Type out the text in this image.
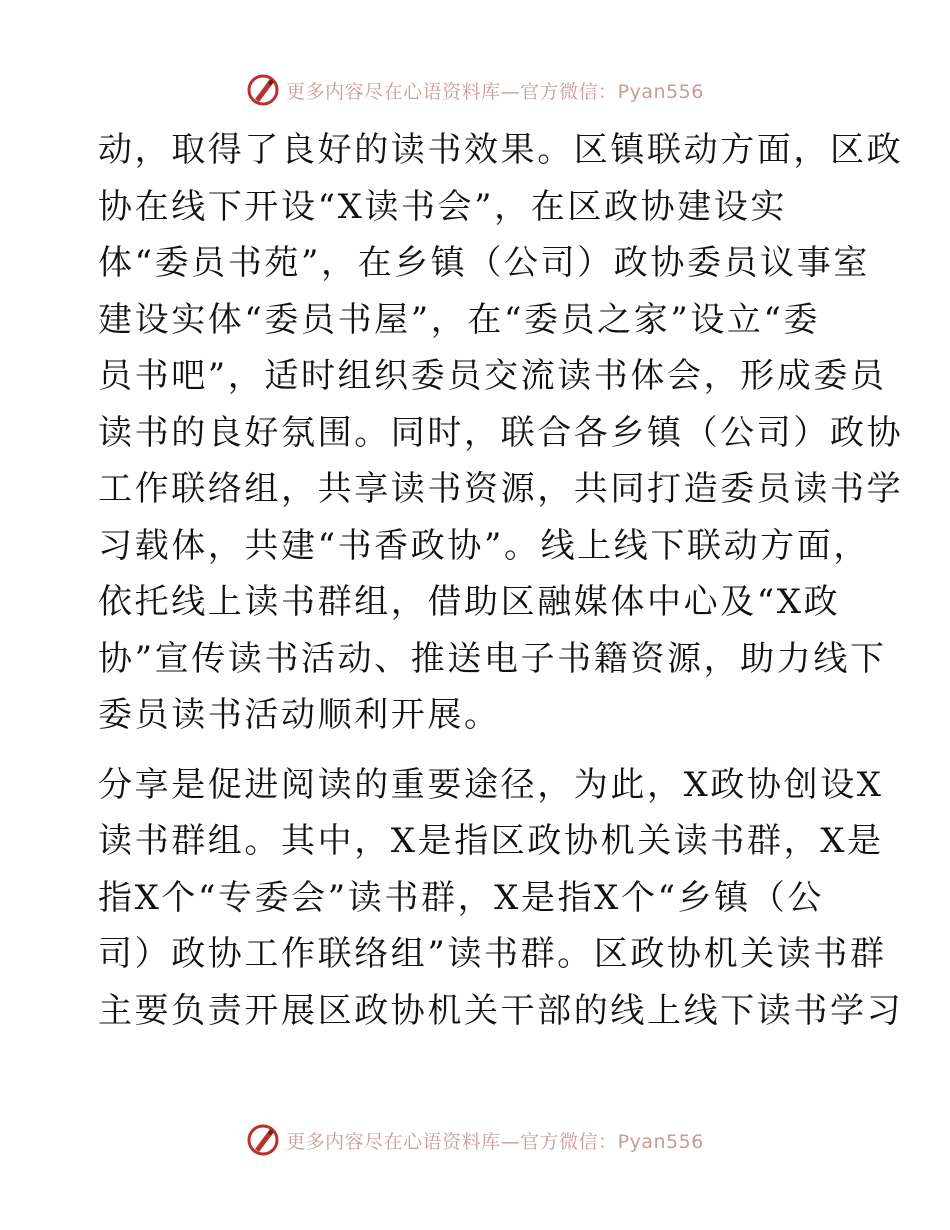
更多内容尽在心语资料库—官方微信：Pyan556

动，取得了良好的读书效果。区镇联动方面，区政
协在线下开设“X读书会”，在区政协建设实
体“委员书苑”，在乡镇（公司）政协委员议事室
建设实体“委员书屋”，在“委员之家”设立“委
员书吧”，适时组织委员交流读书体会，形成委员
读书的良好氛围。同时，联合各乡镇（公司）政协
工作联络组，共享读书资源，共同打造委员读书学
习载体，共建“书香政协”。线上线下联动方面，
依托线上读书群组，借助区融媒体中心及“X政
协”宣传读书活动、推送电子书籍资源，助力线下
委员读书活动顺利开展。

分享是促进阅读的重要途径，为此，X政协创设X
读书群组。其中，X是指区政协机关读书群，X是
指X个“专委会”读书群，X是指X个“乡镇（公
司）政协工作联络组”读书群。区政协机关读书群
主要负责开展区政协机关干部的线上线下读书学习

更多内容尽在心语资料库—官方微信：Pyan556
